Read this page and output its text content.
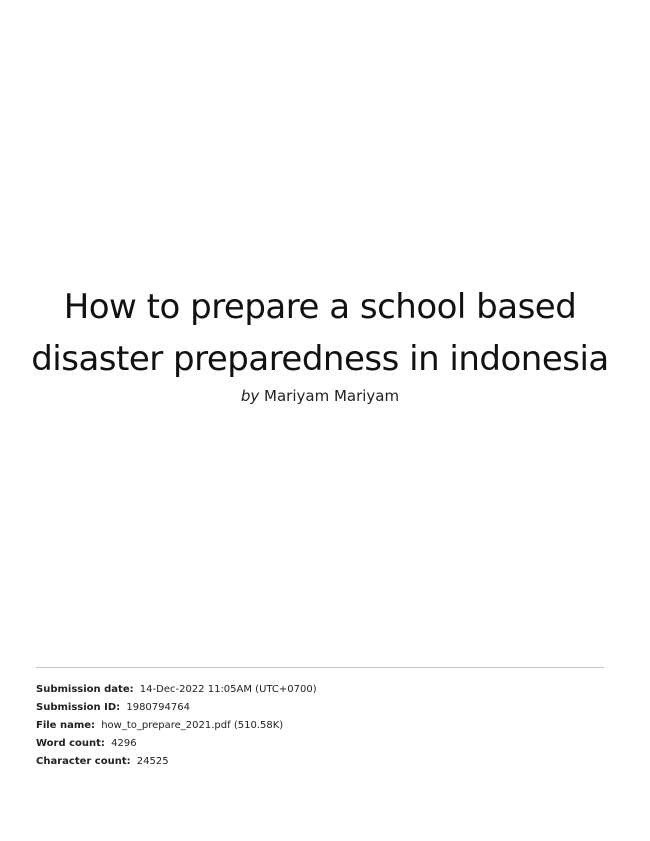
How to prepare a school based disaster preparedness in indonesia
by Mariyam Mariyam
Submission date: 14-Dec-2022 11:05AM (UTC+0700)
Submission ID: 1980794764
File name: how_to_prepare_2021.pdf (510.58K)
Word count: 4296
Character count: 24525
